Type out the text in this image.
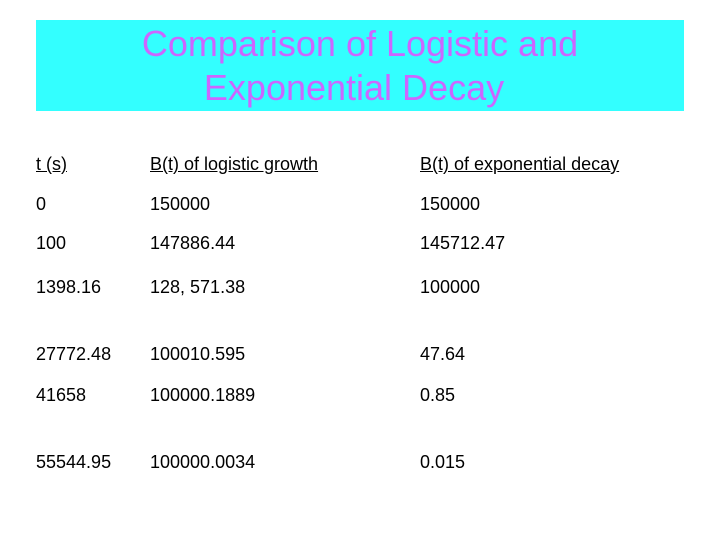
Comparison of Logistic and
Exponential Decay
t (s)	B(t) of logistic growth	B(t) of exponential decay
0	150000	150000
100	147886.44	145712.47
1398.16	128, 571.38	100000
27772.48 100010.595	47.64
41658	100000.1889	0.85
55544.95 100000.0034	0.015
